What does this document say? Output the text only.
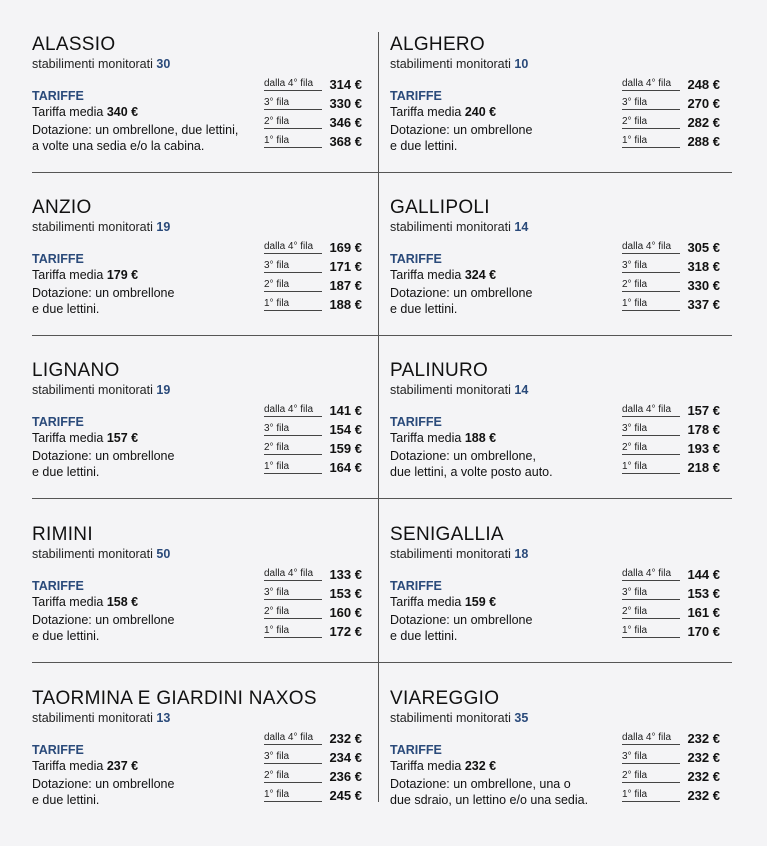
ALASSIO
stabilimenti monitorati 30
TARIFFE
Tariffa media 340 €
Dotazione: un ombrellone, due lettini,
a volte una sedia e/o la cabina.
dalla 4° fila	314 €
3° fila	330 €
2° fila	346 €
1° fila	368 €
ALGHERO
stabilimenti monitorati 10
TARIFFE
Tariffa media 240 €
Dotazione: un ombrellone
e due lettini.
dalla 4° fila	248 €
3° fila	270 €
2° fila	282 €
1° fila	288 €
ANZIO
stabilimenti monitorati 19
TARIFFE
Tariffa media 179 €
Dotazione: un ombrellone
e due lettini.
dalla 4° fila	169 €
3° fila	171 €
2° fila	187 €
1° fila	188 €
GALLIPOLI
stabilimenti monitorati 14
TARIFFE
Tariffa media 324 €
Dotazione: un ombrellone
e due lettini.
dalla 4° fila	305 €
3° fila	318 €
2° fila	330 €
1° fila	337 €
LIGNANO
stabilimenti monitorati 19
TARIFFE
Tariffa media 157 €
Dotazione: un ombrellone
e due lettini.
dalla 4° fila	141 €
3° fila	154 €
2° fila	159 €
1° fila	164 €
PALINURO
stabilimenti monitorati 14
TARIFFE
Tariffa media 188 €
Dotazione: un ombrellone,
due lettini, a volte posto auto.
dalla 4° fila	157 €
3° fila	178 €
2° fila	193 €
1° fila	218 €
RIMINI
stabilimenti monitorati 50
TARIFFE
Tariffa media 158 €
Dotazione: un ombrellone
e due lettini.
dalla 4° fila	133 €
3° fila	153 €
2° fila	160 €
1° fila	172 €
SENIGALLIA
stabilimenti monitorati 18
TARIFFE
Tariffa media 159 €
Dotazione: un ombrellone
e due lettini.
dalla 4° fila	144 €
3° fila	153 €
2° fila	161 €
1° fila	170 €
TAORMINA E GIARDINI NAXOS
stabilimenti monitorati 13
TARIFFE
Tariffa media 237 €
Dotazione: un ombrellone
e due lettini.
dalla 4° fila	232 €
3° fila	234 €
2° fila	236 €
1° fila	245 €
VIAREGGIO
stabilimenti monitorati 35
TARIFFE
Tariffa media 232 €
Dotazione: un ombrellone, una o
due sdraio, un lettino e/o una sedia.
dalla 4° fila	232 €
3° fila	232 €
2° fila	232 €
1° fila	232 €
